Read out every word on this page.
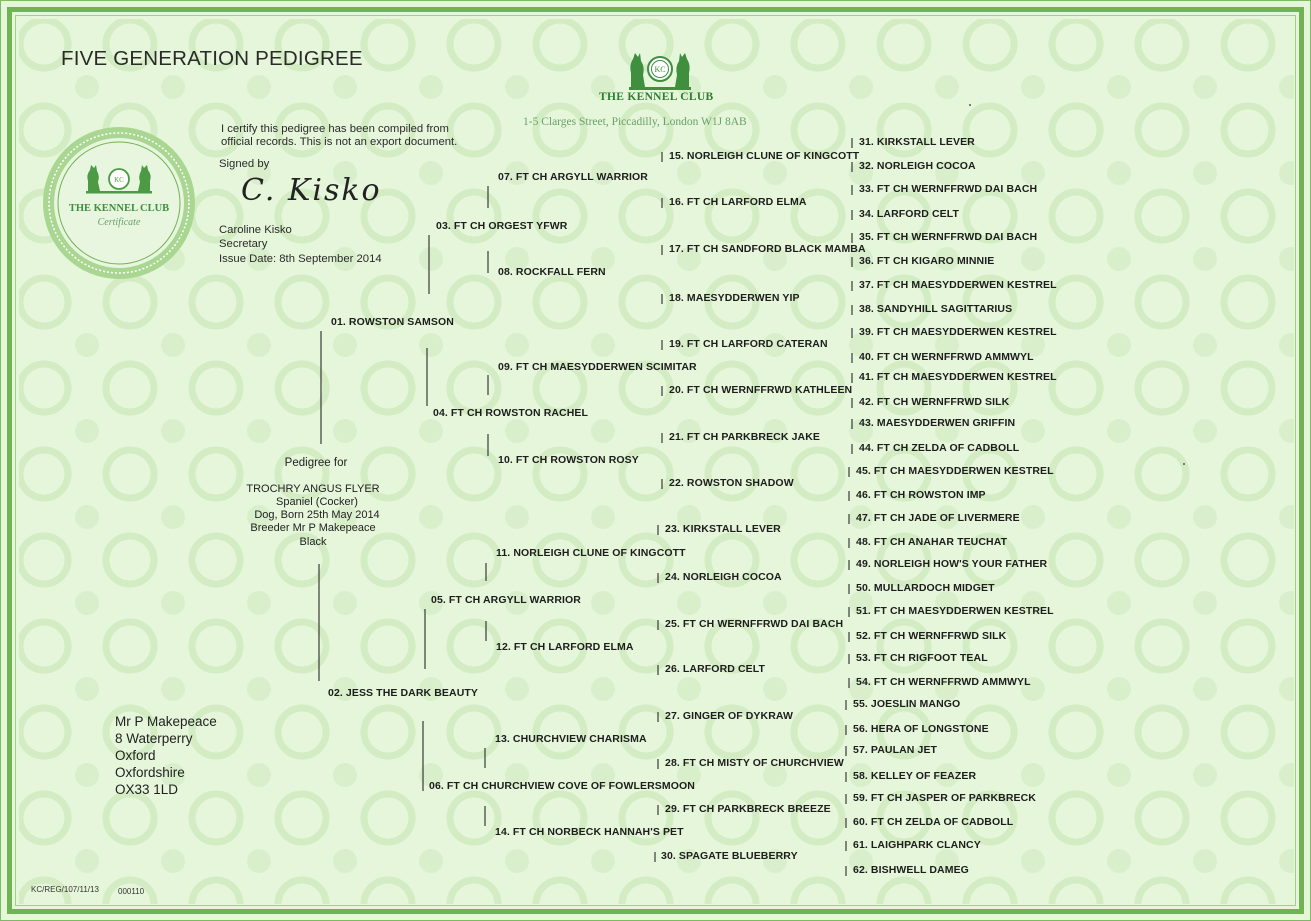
FIVE GENERATION PEDIGREE	KC
THE KENNEL CLUB
1-5 Clarges Street, Piccadilly, London W1J 8AB
KC
THE KENNEL CLUB
Certificate
I certify this pedigree has been compiled from
official records. This is not an export document.
Signed by
C. Kisko
Caroline Kisko
Secretary
Issue Date: 8th September 2014
Pedigree for
TROCHRY ANGUS FLYER
Spaniel (Cocker)
Dog, Born 25th May 2014
Breeder Mr P Makepeace
Black
Mr P Makepeace
8 Waterperry
Oxford
Oxfordshire
OX33 1LD
KC/REG/107/11/13 000110
01. ROWSTON SAMSON
02. JESS THE DARK BEAUTY
03. FT CH ORGEST YFWR
04. FT CH ROWSTON RACHEL
05. FT CH ARGYLL WARRIOR
06. FT CH CHURCHVIEW COVE OF FOWLERSMOON
07. FT CH ARGYLL WARRIOR
08. ROCKFALL FERN
09. FT CH MAESYDDERWEN SCIMITAR
10. FT CH ROWSTON ROSY
11. NORLEIGH CLUNE OF KINGCOTT
12. FT CH LARFORD ELMA
13. CHURCHVIEW CHARISMA
14. FT CH NORBECK HANNAH'S PET
15. NORLEIGH CLUNE OF KINGCOTT
16. FT CH LARFORD ELMA
17. FT CH SANDFORD BLACK MAMBA
18. MAESYDDERWEN YIP
19. FT CH LARFORD CATERAN
20. FT CH WERNFFRWD KATHLEEN
21. FT CH PARKBRECK JAKE
22. ROWSTON SHADOW
23. KIRKSTALL LEVER
24. NORLEIGH COCOA
25. FT CH WERNFFRWD DAI BACH
26. LARFORD CELT
27. GINGER OF DYKRAW
28. FT CH MISTY OF CHURCHVIEW
29. FT CH PARKBRECK BREEZE
30. SPAGATE BLUEBERRY
31. KIRKSTALL LEVER
32. NORLEIGH COCOA
33. FT CH WERNFFRWD DAI BACH
34. LARFORD CELT
35. FT CH WERNFFRWD DAI BACH
36. FT CH KIGARO MINNIE
37. FT CH MAESYDDERWEN KESTREL
38. SANDYHILL SAGITTARIUS
39. FT CH MAESYDDERWEN KESTREL
40. FT CH WERNFFRWD AMMWYL
41. FT CH MAESYDDERWEN KESTREL
42. FT CH WERNFFRWD SILK
43. MAESYDDERWEN GRIFFIN
44. FT CH ZELDA OF CADBOLL
45. FT CH MAESYDDERWEN KESTREL
46. FT CH ROWSTON IMP
47. FT CH JADE OF LIVERMERE
48. FT CH ANAHAR TEUCHAT
49. NORLEIGH HOW'S YOUR FATHER
50. MULLARDOCH MIDGET
51. FT CH MAESYDDERWEN KESTREL
52. FT CH WERNFFRWD SILK
53. FT CH RIGFOOT TEAL
54. FT CH WERNFFRWD AMMWYL
55. JOESLIN MANGO
56. HERA OF LONGSTONE
57. PAULAN JET
58. KELLEY OF FEAZER
59. FT CH JASPER OF PARKBRECK
60. FT CH ZELDA OF CADBOLL
61. LAIGHPARK CLANCY
62. BISHWELL DAMEG
